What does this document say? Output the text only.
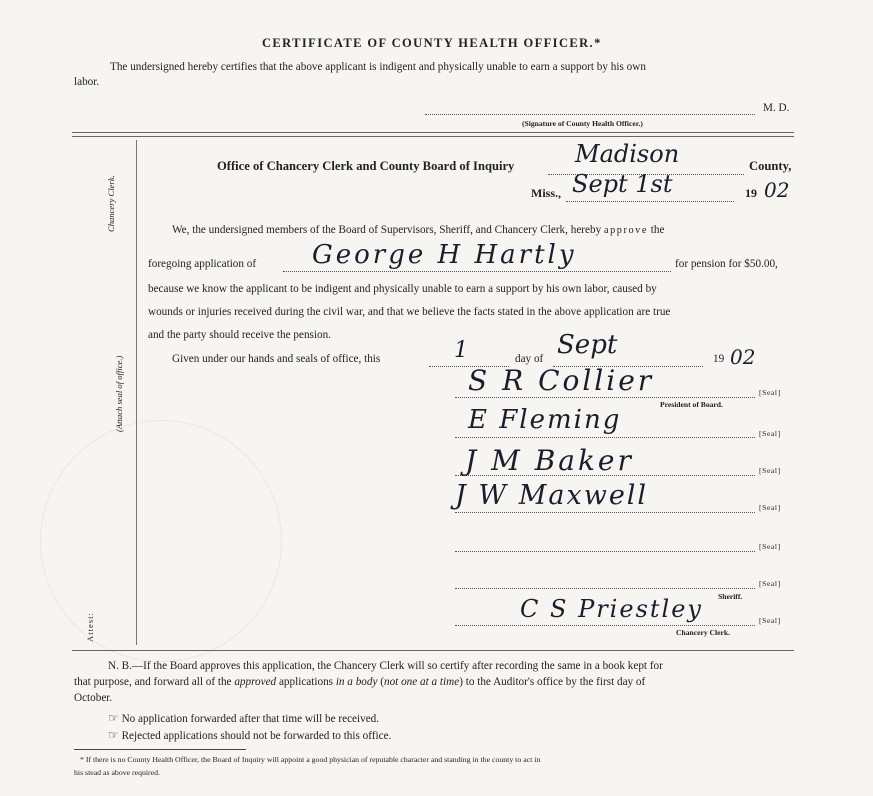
CERTIFICATE OF COUNTY HEALTH OFFICER.*
The undersigned hereby certifies that the above applicant is indigent and physically unable to earn a support by his own
labor.
M. D.
(Signature of County Health Officer.)
Chancery Clerk.
(Attach seal of office.)
Attest:
Office of Chancery Clerk and County Board of Inquiry	Madison	County,
Miss., Sept 1st	19 02
We, the undersigned members of the Board of Supervisors, Sheriff, and Chancery Clerk, hereby approve the
foregoing application of George H Hartly	for pension for $50.00,
because we know the applicant to be indigent and physically unable to earn a support by his own labor, caused by
wounds or injuries received during the civil war, and that we believe the facts stated in the above application are true
and the party should receive the pension.
Given under our hands and seals of office, this	1	day of Sept	19 02
S R Collier	[Seal]
President of Board.
E Fleming	[Seal]
J M Baker	[Seal]
J W Maxwell	[Seal]
[Seal]
[Seal]
Sheriff.
C S Priestley	[Seal]
Chancery Clerk.
N. B.—If the Board approves this application, the Chancery Clerk will so certify after recording the same in a book kept for
that purpose, and forward all of the approved applications in a body (not one at a time) to the Auditor's office by the first day of
October.
☞ No application forwarded after that time will be received.
☞ Rejected applications should not be forwarded to this office.
* If there is no County Health Officer, the Board of Inquiry will appoint a good physician of reputable character and standing in the county to act in
his stead as above required.
